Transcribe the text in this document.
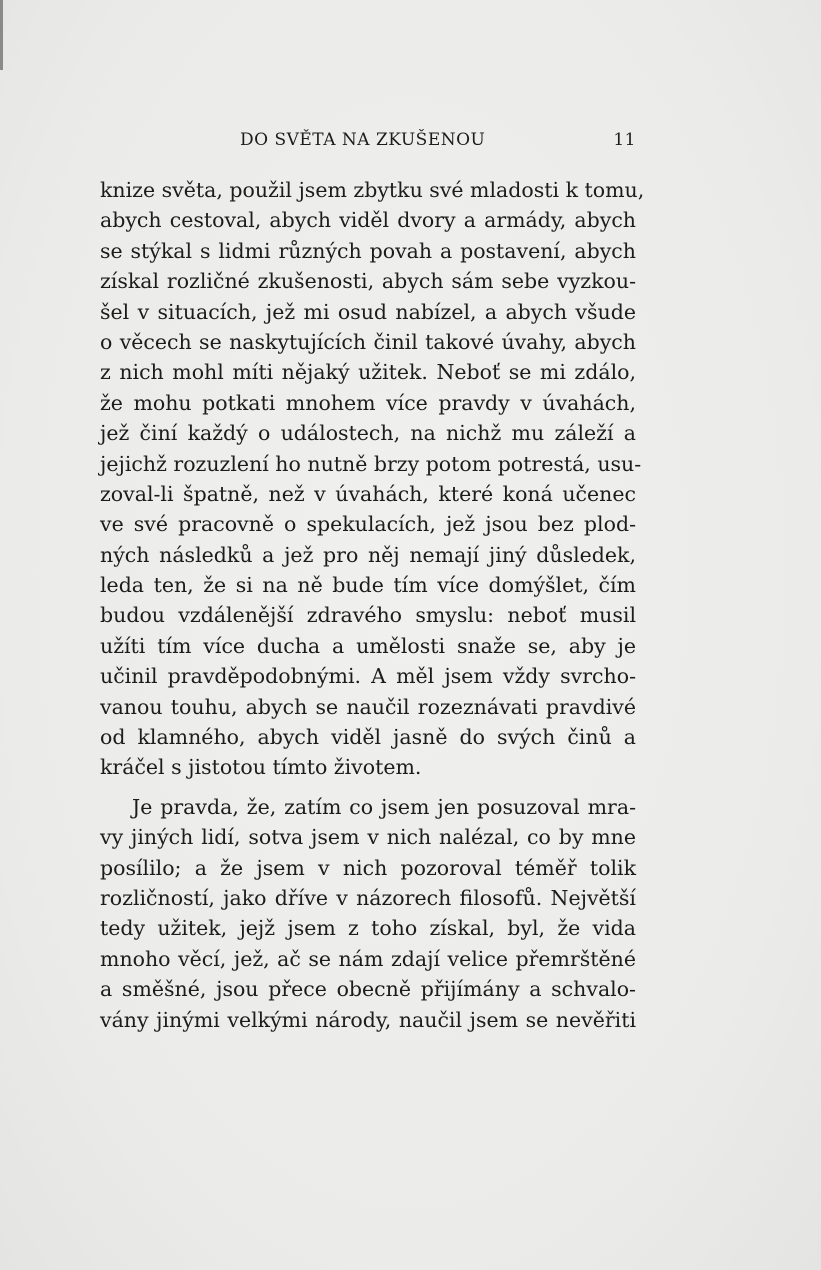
DO SVĚTA NA ZKUŠENOU	11
knize světa, použil jsem zbytku své mladosti k tomu,
abych cestoval, abych viděl dvory a armády, abych
se stýkal s lidmi různých povah a postavení, abych
získal rozličné zkušenosti, abych sám sebe vyzkou-
šel v situacích, jež mi osud nabízel, a abych všude
o věcech se naskytujících činil takové úvahy, abych
z nich mohl míti nějaký užitek. Neboť se mi zdálo,
že mohu potkati mnohem více pravdy v úvahách,
jež činí každý o událostech, na nichž mu záleží a
jejichž rozuzlení ho nutně brzy potom potrestá, usu-
zoval-li špatně, než v úvahách, které koná učenec
ve své pracovně o spekulacích, jež jsou bez plod-
ných následků a jež pro něj nemají jiný důsledek,
leda ten, že si na ně bude tím více domýšlet, čím
budou vzdálenější zdravého smyslu: neboť musil
užíti tím více ducha a umělosti snaže se, aby je
učinil pravděpodobnými. A měl jsem vždy svrcho-
vanou touhu, abych se naučil rozeznávati pravdivé
od klamného, abych viděl jasně do svých činů a
kráčel s jistotou tímto životem.
Je pravda, že, zatím co jsem jen posuzoval mra-
vy jiných lidí, sotva jsem v nich nalézal, co by mne
posílilo; a že jsem v nich pozoroval téměř tolik
rozličností, jako dříve v názorech filosofů. Největší
tedy užitek, jejž jsem z toho získal, byl, že vida
mnoho věcí, jež, ač se nám zdají velice přemrštěné
a směšné, jsou přece obecně přijímány a schvalo-
vány jinými velkými národy, naučil jsem se nevěřiti
